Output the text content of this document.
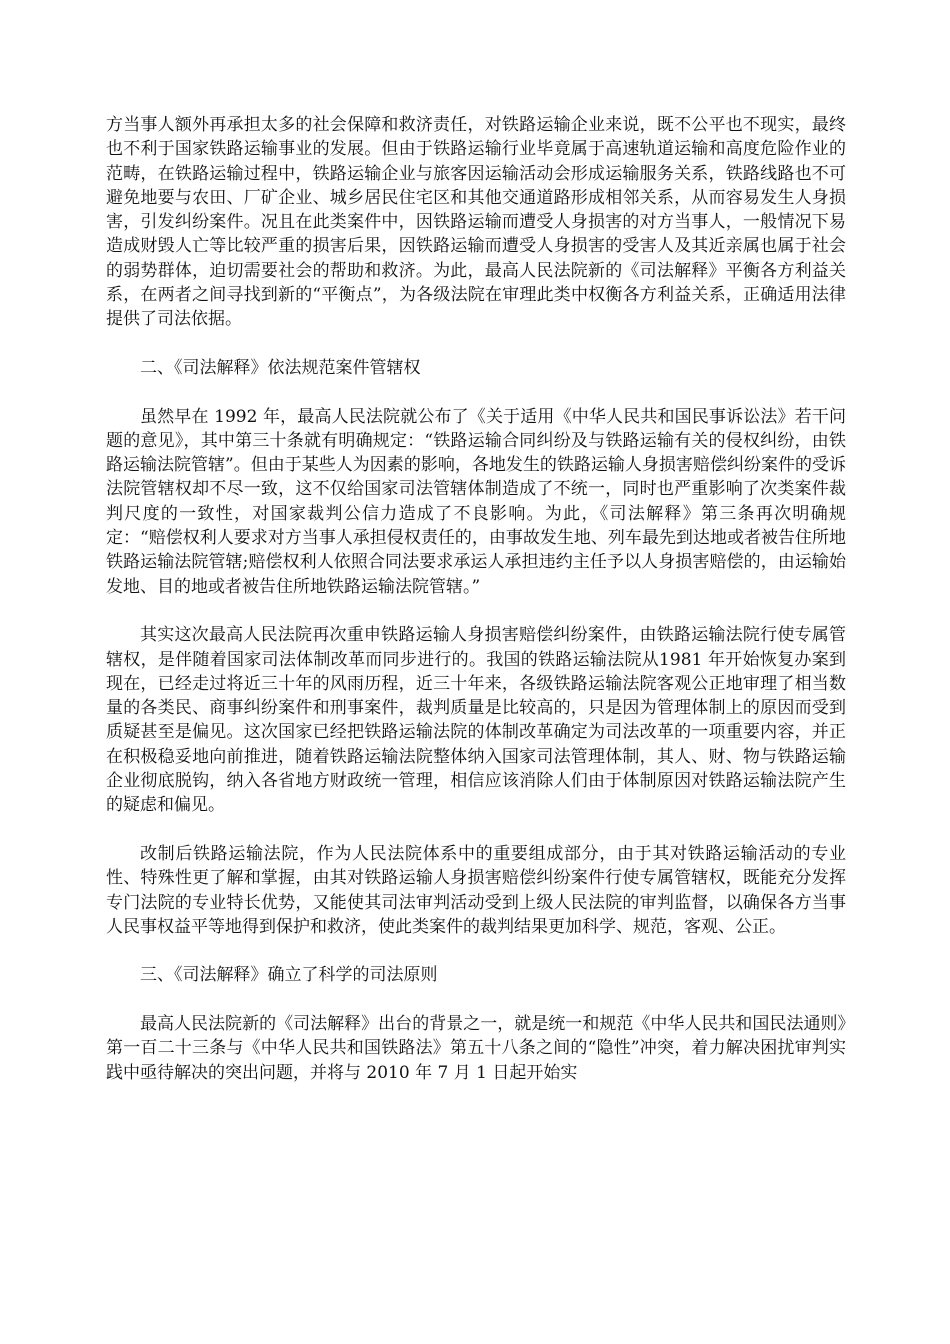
方当事人额外再承担太多的社会保障和救济责任，对铁路运输企业来说，既不公平也不现实，最终也不利于国家铁路运输事业的发展。但由于铁路运输行业毕竟属于高速轨道运输和高度危险作业的范畴，在铁路运输过程中，铁路运输企业与旅客因运输活动会形成运输服务关系，铁路线路也不可避免地要与农田、厂矿企业、城乡居民住宅区和其他交通道路形成相邻关系，从而容易发生人身损害，引发纠纷案件。况且在此类案件中，因铁路运输而遭受人身损害的对方当事人，一般情况下易造成财毁人亡等比较严重的损害后果，因铁路运输而遭受人身损害的受害人及其近亲属也属于社会的弱势群体，迫切需要社会的帮助和救济。为此，最高人民法院新的《司法解释》平衡各方利益关系，在两者之间寻找到新的“平衡点”，为各级法院在审理此类中权衡各方利益关系，正确适用法律提供了司法依据。

二、《司法解释》依法规范案件管辖权

虽然早在 1992 年，最高人民法院就公布了《关于适用《中华人民共和国民事诉讼法》若干问题的意见》，其中第三十条就有明确规定：“铁路运输合同纠纷及与铁路运输有关的侵权纠纷，由铁路运输法院管辖”。但由于某些人为因素的影响，各地发生的铁路运输人身损害赔偿纠纷案件的受诉法院管辖权却不尽一致，这不仅给国家司法管辖体制造成了不统一，同时也严重影响了次类案件裁判尺度的一致性，对国家裁判公信力造成了不良影响。为此，《司法解释》第三条再次明确规定：“赔偿权利人要求对方当事人承担侵权责任的，由事故发生地、列车最先到达地或者被告住所地铁路运输法院管辖;赔偿权利人依照合同法要求承运人承担违约主任予以人身损害赔偿的，由运输始发地、目的地或者被告住所地铁路运输法院管辖。”

其实这次最高人民法院再次重申铁路运输人身损害赔偿纠纷案件，由铁路运输法院行使专属管辖权，是伴随着国家司法体制改革而同步进行的。我国的铁路运输法院从1981 年开始恢复办案到现在，已经走过将近三十年的风雨历程，近三十年来，各级铁路运输法院客观公正地审理了相当数量的各类民、商事纠纷案件和刑事案件，裁判质量是比较高的，只是因为管理体制上的原因而受到质疑甚至是偏见。这次国家已经把铁路运输法院的体制改革确定为司法改革的一项重要内容，并正在积极稳妥地向前推进，随着铁路运输法院整体纳入国家司法管理体制，其人、财、物与铁路运输企业彻底脱钩，纳入各省地方财政统一管理，相信应该消除人们由于体制原因对铁路运输法院产生的疑虑和偏见。

改制后铁路运输法院，作为人民法院体系中的重要组成部分，由于其对铁路运输活动的专业性、特殊性更了解和掌握，由其对铁路运输人身损害赔偿纠纷案件行使专属管辖权，既能充分发挥专门法院的专业特长优势，又能使其司法审判活动受到上级人民法院的审判监督，以确保各方当事人民事权益平等地得到保护和救济，使此类案件的裁判结果更加科学、规范，客观、公正。

三、《司法解释》确立了科学的司法原则

最高人民法院新的《司法解释》出台的背景之一，就是统一和规范《中华人民共和国民法通则》第一百二十三条与《中华人民共和国铁路法》第五十八条之间的“隐性”冲突，着力解决困扰审判实践中亟待解决的突出问题，并将与 2010 年 7 月 1 日起开始实
